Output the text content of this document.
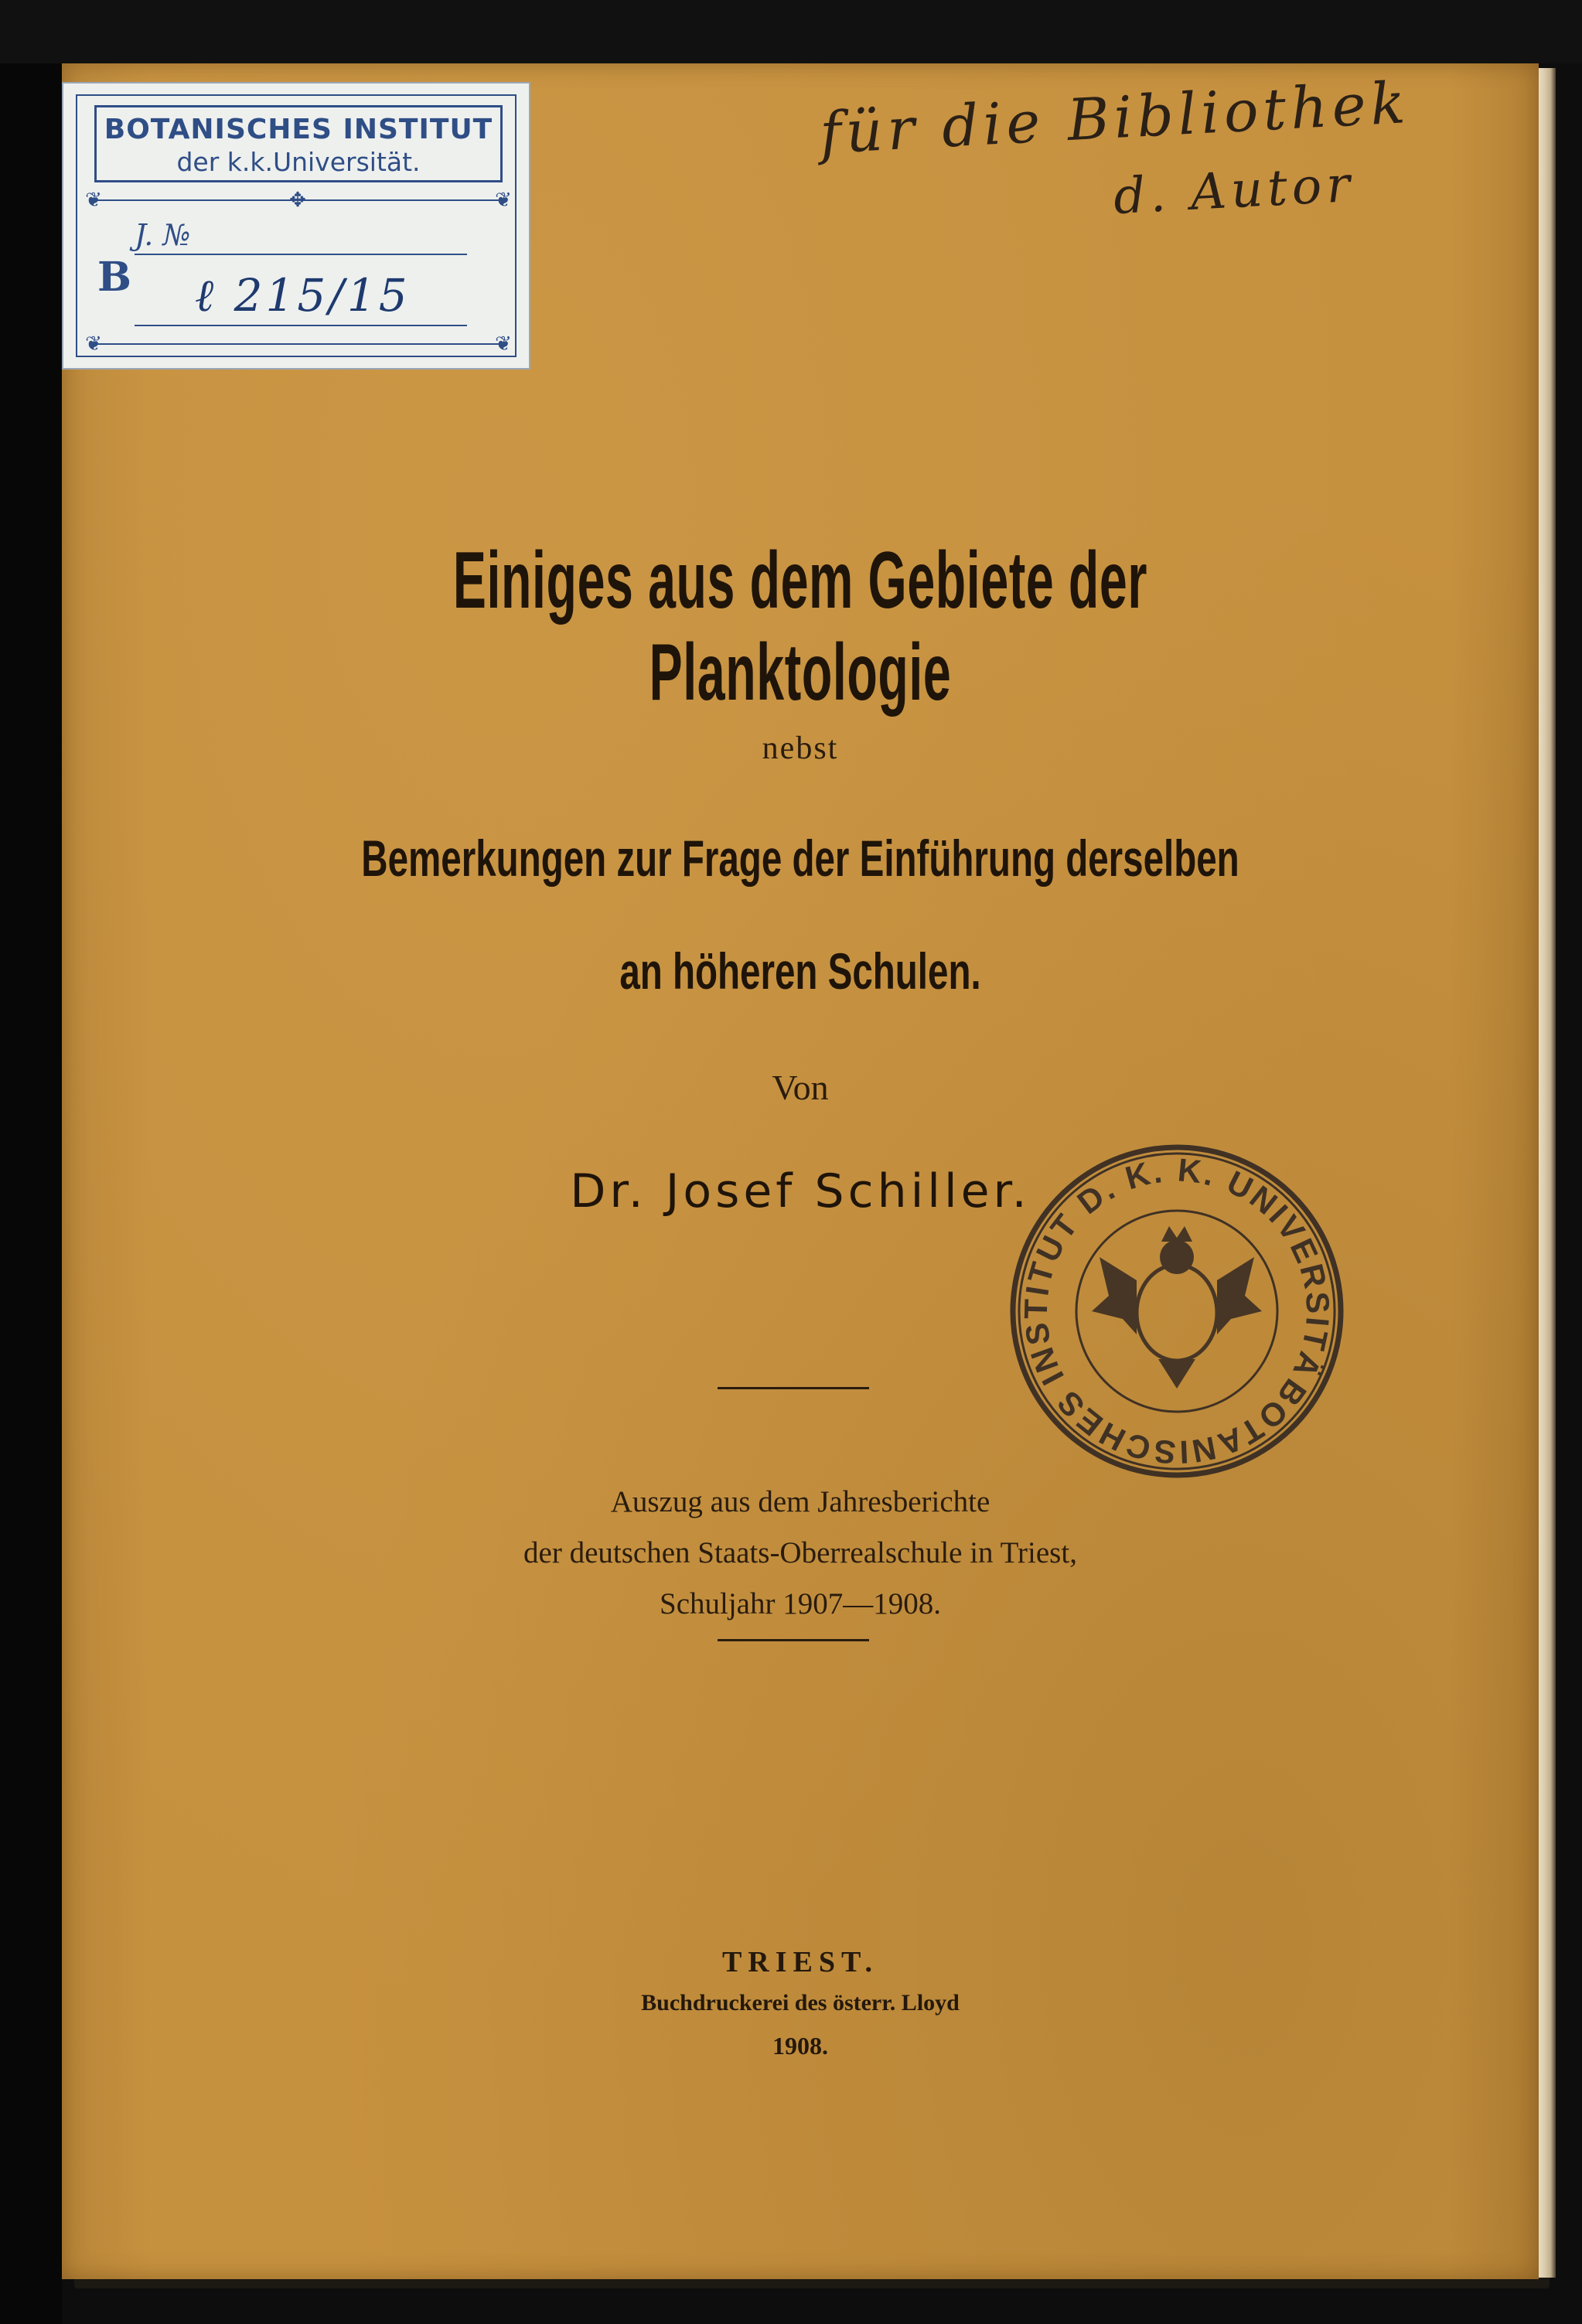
BOTANISCHES INSTITUT
der k.k.Universität.
❦	❦
✥
J. №
B ℓ 215/15
❦	❦
für die Bibliothek
d. Autor
Einiges aus dem Gebiete der Planktologie
nebst
Bemerkungen zur Frage der Einführung derselben
an höheren Schulen.
Von
Dr. Josef Schiller.
Auszug aus dem Jahresberichte
der deutschen Staats-Oberrealschule in Triest,
Schuljahr 1907—1908.
TRIEST.
Buchdruckerei des österr. Lloyd
1908.
BOTANISCHES INSTITUT D. K. K. UNIVERSITÄT
